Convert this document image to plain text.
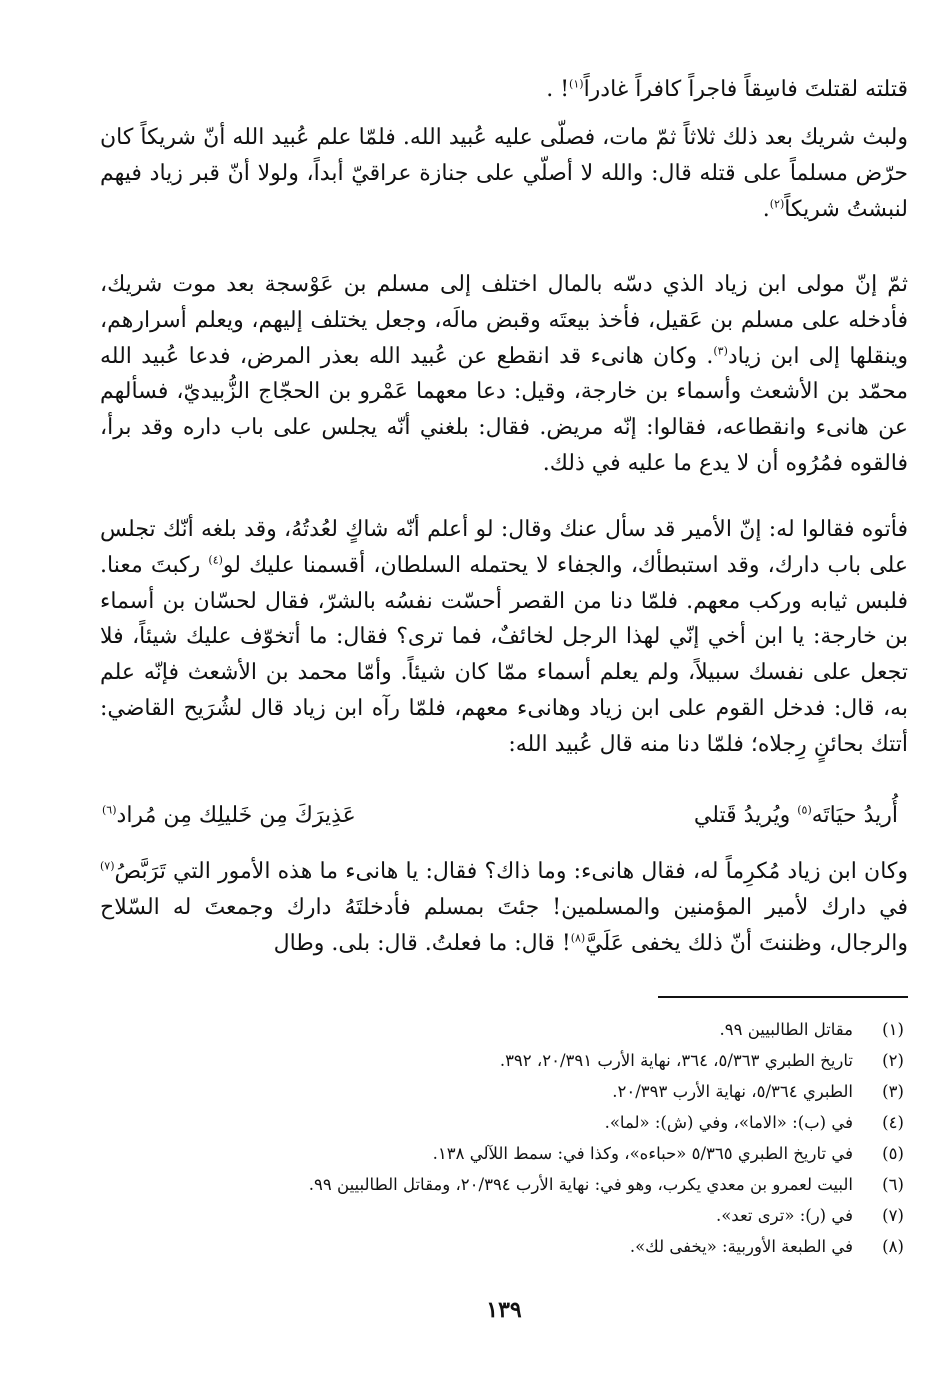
قتلته لقتلتَ فاسِقاً فاجراً كافراً غادراً$^{(١)}$! .

ولبث شريك بعد ذلك ثلاثاً ثمّ مات، فصلّى عليه عُبيد الله. فلمّا علم عُبيد الله أنّ شريكاً كان حرّض مسلماً على قتله قال: والله لا أصلّي على جنازة عراقيّ أبداً، ولولا أنّ قبر زياد فيهم لنبشتُ شريكاً$^{(٢)}$.

ثمّ إنّ مولى ابن زياد الذي دسّه بالمال اختلف إلى مسلم بن عَوْسجة بعد موت شريك، فأدخله على مسلم بن عَقيل، فأخذ بيعتَه وقبض مالَه، وجعل يختلف إليهم، ويعلم أسرارهم، وينقلها إلى ابن زياد$^{(٣)}$. وكان هانىء قد انقطع عن عُبيد الله بعذر المرض، فدعا عُبيد الله محمّد بن الأشعث وأسماء بن خارجة، وقيل: دعا معهما عَمْرو بن الحجّاج الزُّبيديّ، فسألهم عن هانىء وانقطاعه، فقالوا: إنّه مريض. فقال: بلغني أنّه يجلس على باب داره وقد برأ، فالقوه فمُرُوه أن لا يدع ما عليه في ذلك.

فأتوه فقالوا له: إنّ الأمير قد سأل عنك وقال: لو أعلم أنّه شاكٍ لعُدتُهُ، وقد بلغه أنّك تجلس على باب دارك، وقد استبطأك، والجفاء لا يحتمله السلطان، أقسمنا عليك لو$^{(٤)}$ ركبتَ معنا. فلبس ثيابه وركب معهم. فلمّا دنا من القصر أحسّت نفسُه بالشرّ، فقال لحسّان بن أسماء بن خارجة: يا ابن أخي إنّي لهذا الرجل لخائفٌ، فما ترى؟ فقال: ما أتخوّف عليك شيئاً، فلا تجعل على نفسك سبيلاً، ولم يعلم أسماء ممّا كان شيئاً. وأمّا محمد بن الأشعث فإنّه علم به، قال: فدخل القوم على ابن زياد وهانىء معهم، فلمّا رآه ابن زياد قال لشُرَيح القاضي: أتتك بحائنٍ رِجلاه؛ فلمّا دنا منه قال عُبيد الله:

أُريدُ حيَاتَه$^{(٥)}$ ويُريدُ قَتلي
عَذِيرَكَ مِن خَليلِك مِن مُراد$^{(٦)}$

وكان ابن زياد مُكرِماً له، فقال هانىء: وما ذاك؟ فقال: يا هانىء ما هذه الأمور التي تَرَبَّصُ$^{(٧)}$ في دارك لأمير المؤمنين والمسلمين! جئتَ بمسلم فأدخلتَهُ دارك وجمعتَ له السّلاح والرجال، وظننتَ أنّ ذلك يخفى عَلَيَّ$^{(٨)}$! قال: ما فعلتُ. قال: بلى. وطال

(١)
مقاتل الطالبيين ٩٩.
(٢)
تاريخ الطبري ٥/٣٦٣، ٣٦٤، نهاية الأرب ٢٠/٣٩١، ٣٩٢.
(٣)
الطبري ٥/٣٦٤، نهاية الأرب ٢٠/٣٩٣.
(٤)
في (ب): «الاما»، وفي (ش): «لما».
(٥)
في تاريخ الطبري ٥/٣٦٥ «حباءه»، وكذا في: سمط اللآلي ١٣٨.
(٦)
البيت لعمرو بن معدي يكرب، وهو في: نهاية الأرب ٢٠/٣٩٤، ومقاتل الطالبيين ٩٩.
(٧)
في (ر): «ترى تعد».
(٨)
في الطبعة الأوربية: «يخفى لك».
١٣٩
